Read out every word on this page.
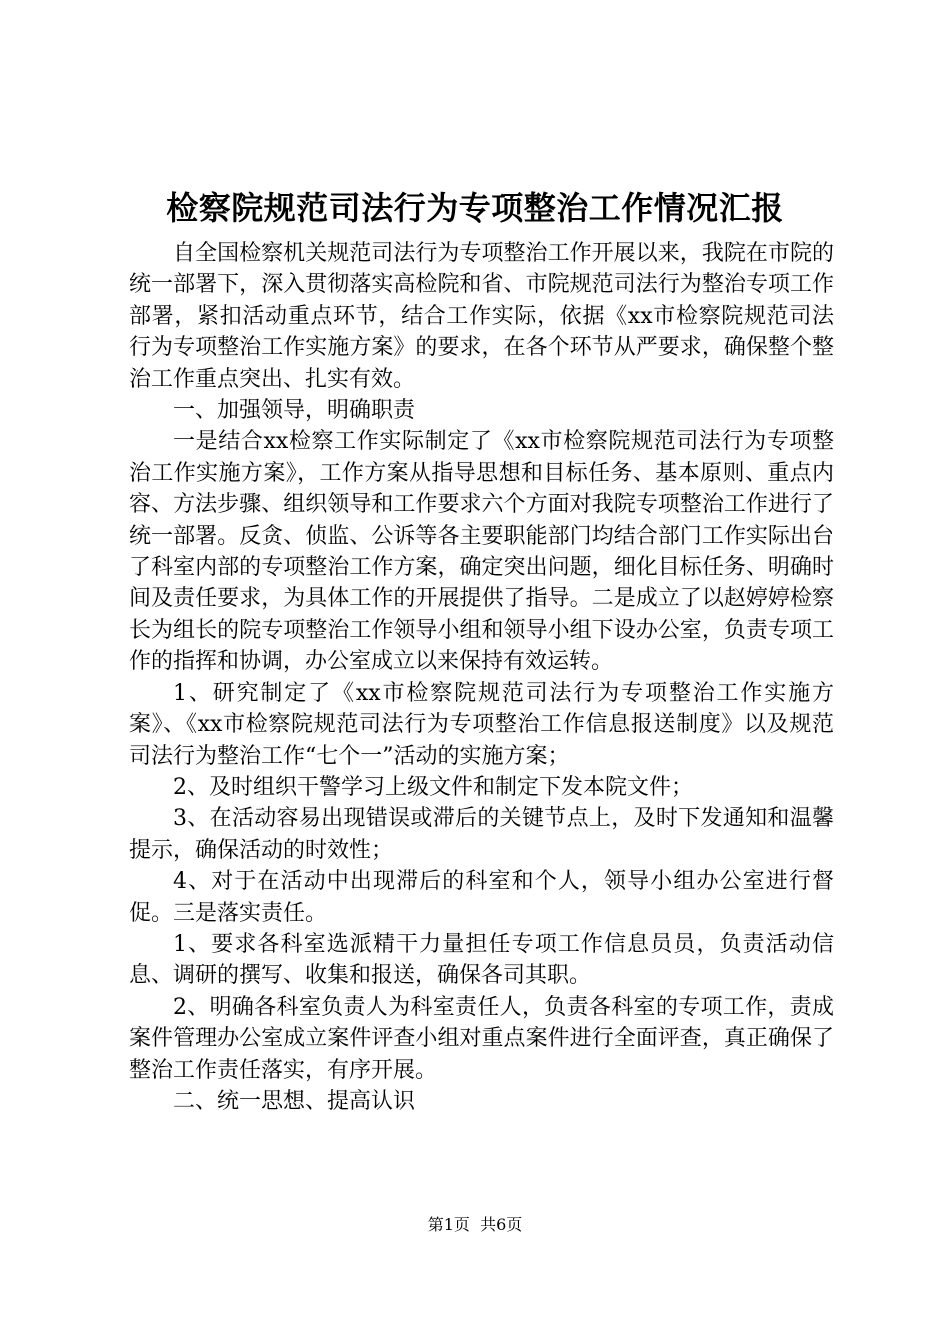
检察院规范司法行为专项整治工作情况汇报

自全国检察机关规范司法行为专项整治工作开展以来，我院在市院的统一部署下，深入贯彻落实高检院和省、市院规范司法行为整治专项工作部署，紧扣活动重点环节，结合工作实际，依据《xx市检察院规范司法行为专项整治工作实施方案》的要求，在各个环节从严要求，确保整个整治工作重点突出、扎实有效。

一、加强领导，明确职责

一是结合xx检察工作实际制定了《xx市检察院规范司法行为专项整治工作实施方案》，工作方案从指导思想和目标任务、基本原则、重点内容、方法步骤、组织领导和工作要求六个方面对我院专项整治工作进行了统一部署。反贪、侦监、公诉等各主要职能部门均结合部门工作实际出台了科室内部的专项整治工作方案，确定突出问题，细化目标任务、明确时间及责任要求，为具体工作的开展提供了指导。二是成立了以赵婷婷检察长为组长的院专项整治工作领导小组和领导小组下设办公室，负责专项工作的指挥和协调，办公室成立以来保持有效运转。

1、研究制定了《xx市检察院规范司法行为专项整治工作实施方案》、《xx市检察院规范司法行为专项整治工作信息报送制度》以及规范司法行为整治工作“七个一”活动的实施方案；

2、及时组织干警学习上级文件和制定下发本院文件；

3、在活动容易出现错误或滞后的关键节点上，及时下发通知和温馨提示，确保活动的时效性；

4、对于在活动中出现滞后的科室和个人，领导小组办公室进行督促。三是落实责任。

1、要求各科室选派精干力量担任专项工作信息员员，负责活动信息、调研的撰写、收集和报送，确保各司其职。

2、明确各科室负责人为科室责任人，负责各科室的专项工作，责成案件管理办公室成立案件评查小组对重点案件进行全面评查，真正确保了整治工作责任落实，有序开展。

二、统一思想、提高认识

第1页  共6页
